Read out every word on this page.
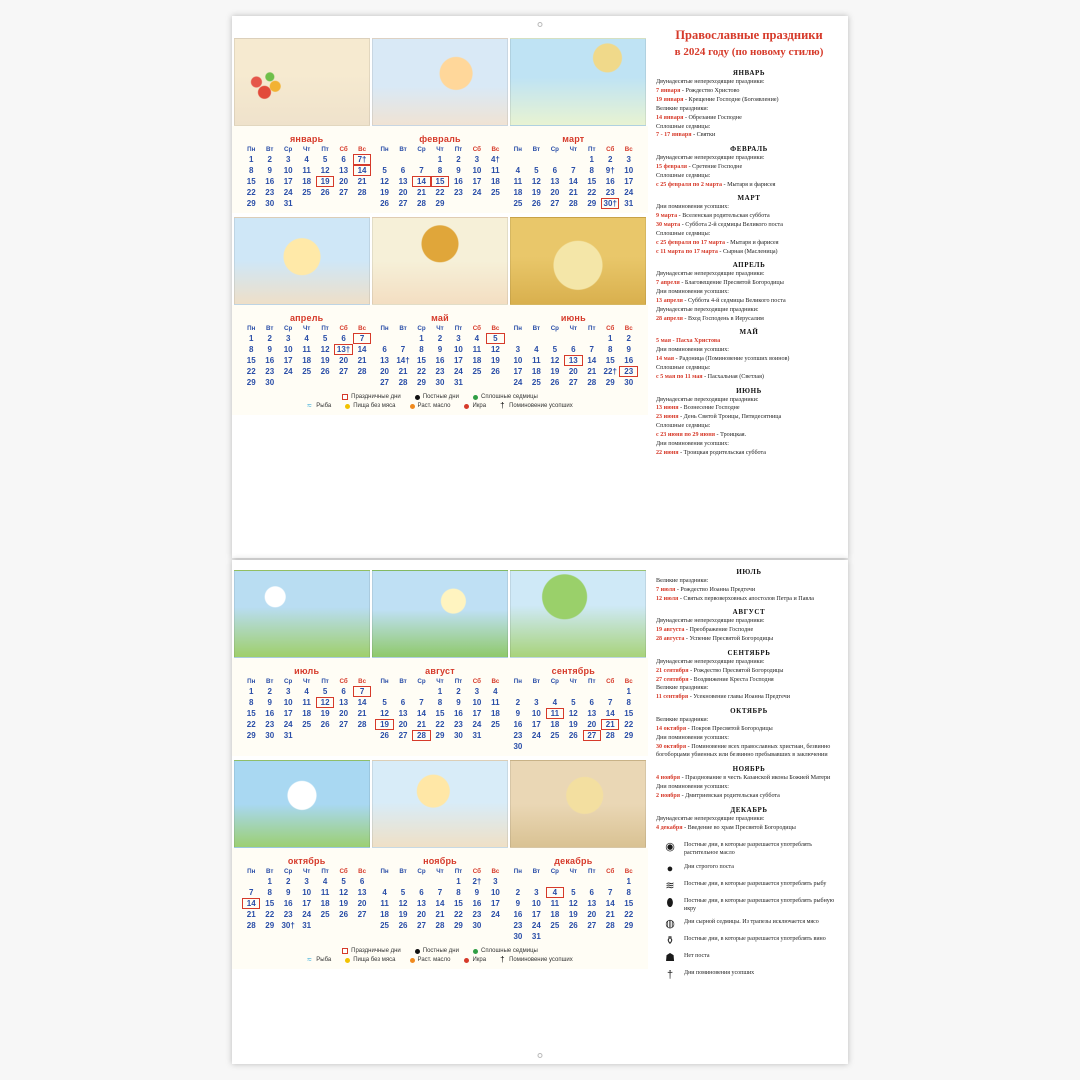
январь
Пн	Вт	Ср	Чт	Пт	Сб	Вс
1	2	3	4	5	6	7†
8	9	10	11	12	13	14
15	16	17	18	19	20	21
22	23	24	25	26	27	28
29	30	31				
февраль
Пн	Вт	Ср	Чт	Пт	Сб	Вс
			1	2	3	4†
5	6	7	8	9	10	11
12	13	14	15	16	17	18
19	20	21	22	23	24	25
26	27	28	29			
март
Пн	Вт	Ср	Чт	Пт	Сб	Вс
				1	2	3
4	5	6	7	8	9†	10
11	12	13	14	15	16	17
18	19	20	21	22	23	24
25	26	27	28	29	30†	31
апрель
Пн	Вт	Ср	Чт	Пт	Сб	Вс
1	2	3	4	5	6	7
8	9	10	11	12	13†	14
15	16	17	18	19	20	21
22	23	24	25	26	27	28
29	30					
май
Пн	Вт	Ср	Чт	Пт	Сб	Вс
		1	2	3	4	5
6	7	8	9	10	11	12
13	14†	15	16	17	18	19
20	21	22	23	24	25	26
27	28	29	30	31		
июнь
Пн	Вт	Ср	Чт	Пт	Сб	Вс
					1	2
3	4	5	6	7	8	9
10	11	12	13	14	15	16
17	18	19	20	21	22†	23
24	25	26	27	28	29	30
Праздничные дни	Постные дни	Сплошные седмицы
≈ Рыба	Пища без мяса	Раст. масло	Икра † Поминовение усопших
Православные праздники
в 2024 году (по новому стилю)
ЯНВАРЬ
Двунадесятые непереходящие праздники:
7 января - Рождество Христово
19 января - Крещение Господне (Богоявление)
Великие праздники:
14 января - Обрезание Господне
Сплошные седмицы:
7 - 17 января - Святки
ФЕВРАЛЬ
Двунадесятые непереходящие праздники:
15 февраля - Сретение Господне
Сплошные седмицы:
с 25 февраля по 2 марта - Мытаря и фарисея
МАРТ
Дни поминовения усопших:
9 марта - Вселенская родительская суббота
30 марта - Суббота 2-й седмицы Великого поста
Сплошные седмицы:
с 25 февраля по 17 марта - Мытаря и фарисея
с 11 марта по 17 марта - Сырная (Масленица)
АПРЕЛЬ
Двунадесятые непереходящие праздники:
7 апреля - Благовещение Пресвятой Богородицы
Дни поминовения усопших:
13 апреля - Суббота 4-й седмицы Великого поста
Двунадесятые переходящие праздники:
28 апреля - Вход Господень в Иерусалим
МАЙ
5 мая - Пасха Христова
Дни поминовения усопших:
14 мая - Радоница (Поминовение усопших воинов)
Сплошные седмицы:
с 5 мая по 11 мая - Пасхальная (Светлая)
ИЮНЬ
Двунадесятые переходящие праздники:
13 июня - Вознесение Господне
23 июня - День Святой Троицы, Пятидесятница
Сплошные седмицы:
с 23 июня по 29 июня - Троицкая.
Дни поминовения усопших:
22 июня - Троицкая родительская суббота
июль
Пн	Вт	Ср	Чт	Пт	Сб	Вс
1	2	3	4	5	6	7
8	9	10	11	12	13	14
15	16	17	18	19	20	21
22	23	24	25	26	27	28
29	30	31				
август
Пн	Вт	Ср	Чт	Пт	Сб	Вс
			1	2	3	4
5	6	7	8	9	10	11
12	13	14	15	16	17	18
19	20	21	22	23	24	25
26	27	28	29	30	31	
сентябрь
Пн	Вт	Ср	Чт	Пт	Сб	Вс
						1
2	3	4	5	6	7	8
9	10	11	12	13	14	15
16	17	18	19	20	21	22
23	24	25	26	27	28	29
30						
октябрь
Пн	Вт	Ср	Чт	Пт	Сб	Вс
	1	2	3	4	5	6
7	8	9	10	11	12	13
14	15	16	17	18	19	20
21	22	23	24	25	26	27
28	29	30†	31			
ноябрь
Пн	Вт	Ср	Чт	Пт	Сб	Вс
				1	2†	3
4	5	6	7	8	9	10
11	12	13	14	15	16	17
18	19	20	21	22	23	24
25	26	27	28	29	30	
декабрь
Пн	Вт	Ср	Чт	Пт	Сб	Вс
						1
2	3	4	5	6	7	8
9	10	11	12	13	14	15
16	17	18	19	20	21	22
23	24	25	26	27	28	29
30	31					
Праздничные дни	Постные дни	Сплошные седмицы
≈ Рыба	Пища без мяса	Раст. масло	Икра † Поминовение усопших
ИЮЛЬ
Великие праздники:
7 июля - Рождество Иоанна Предтечи
12 июля - Святых первоверховных апостолов Петра и Павла
АВГУСТ
Двунадесятые непереходящие праздники:
19 августа - Преображение Господне
28 августа - Успение Пресвятой Богородицы
СЕНТЯБРЬ
Двунадесятые непереходящие праздники:
21 сентября - Рождество Пресвятой Богородицы
27 сентября - Воздвижение Креста Господня
Великие праздники:
11 сентября - Усекновение главы Иоанна Предтечи
ОКТЯБРЬ
Великие праздники:
14 октября - Покров Пресвятой Богородицы
Дни поминовения усопших:
30 октября - Поминовение всех православных христиан, безвинно богоборцами убиенных или безвинно пребывавших в заключении
НОЯБРЬ
4 ноября - Празднование в честь Казанской иконы Божией Матери
Дни поминовения усопших:
2 ноября - Дмитриевская родительская суббота
ДЕКАБРЬ
Двунадесятые непереходящие праздники:
4 декабря - Введение во храм Пресвятой Богородицы
◉	Постные дни, в которые разрешается употреблять растительное масло
●	Дни строгого поста
≋	Постные дни, в которые разрешается употреблять рыбу
⬮	Постные дни, в которые разрешается употреблять рыбную икру
◍	Дни сырной седмицы. Из трапезы исключается мясо
⚱	Постные дни, в которые разрешается употреблять вино
☗	Нет поста
†	Дни поминовения усопших
